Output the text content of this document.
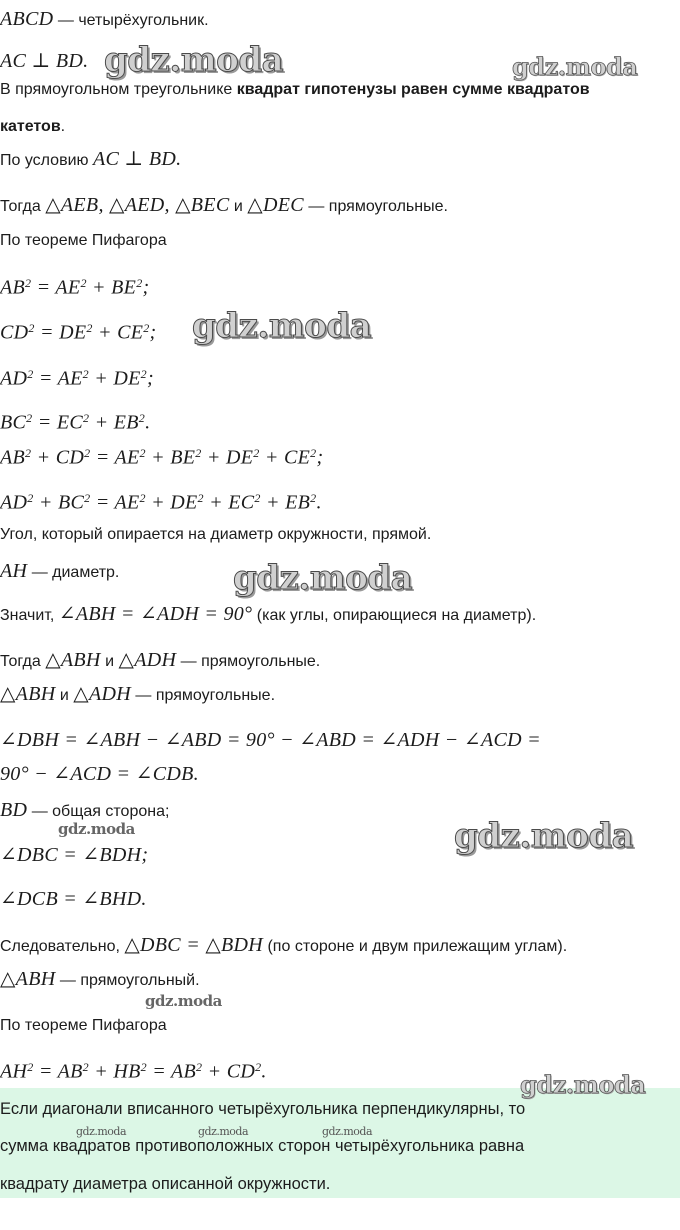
ABCD — четырёхугольник.
AC ⊥ BD.
В прямоугольном треугольнике квадрат гипотенузы равен сумме квадратов
катетов.
По условию AC ⊥ BD.
Тогда △AEB, △AED, △BEC и △DEC — прямоугольные.
По теореме Пифагора
$AB^2 = AE^2 + BE^2$;
$CD^2 = DE^2 + CE^2$;
$AD^2 = AE^2 + DE^2$;
$BC^2 = EC^2 + EB^2$.
$AB^2 + CD^2 = AE^2 + BE^2 + DE^2 + CE^2$;
$AD^2 + BC^2 = AE^2 + DE^2 + EC^2 + EB^2$.
Угол, который опирается на диаметр окружности, прямой.
AH — диаметр.
Значит, ∠ABH = ∠ADH = 90° (как углы, опирающиеся на диаметр).
Тогда △ABH и △ADH — прямоугольные.
△ABH и △ADH — прямоугольные.
∠DBH = ∠ABH − ∠ABD = 90° − ∠ABD = ∠ADH − ∠ACD =
90° − ∠ACD = ∠CDB.
BD — общая сторона;
∠DBC = ∠BDH;
∠DCB = ∠BHD.
Следовательно, △DBC = △BDH (по стороне и двум прилежащим углам).
△ABH — прямоугольный.
По теореме Пифагора
$AH^2 = AB^2 + HB^2 = AB^2 + CD^2$.
Если диагонали вписанного четырёхугольника перпендикулярны, то
сумма квадратов противоположных сторон четырёхугольника равна
квадрату диаметра описанной окружности.
gdz.moda	gdz.moda
gdz.moda
gdz.moda
gdz.moda
gdz.moda
gdz.moda
gdz.moda
gdz.moda	gdz.moda	gdz.moda
